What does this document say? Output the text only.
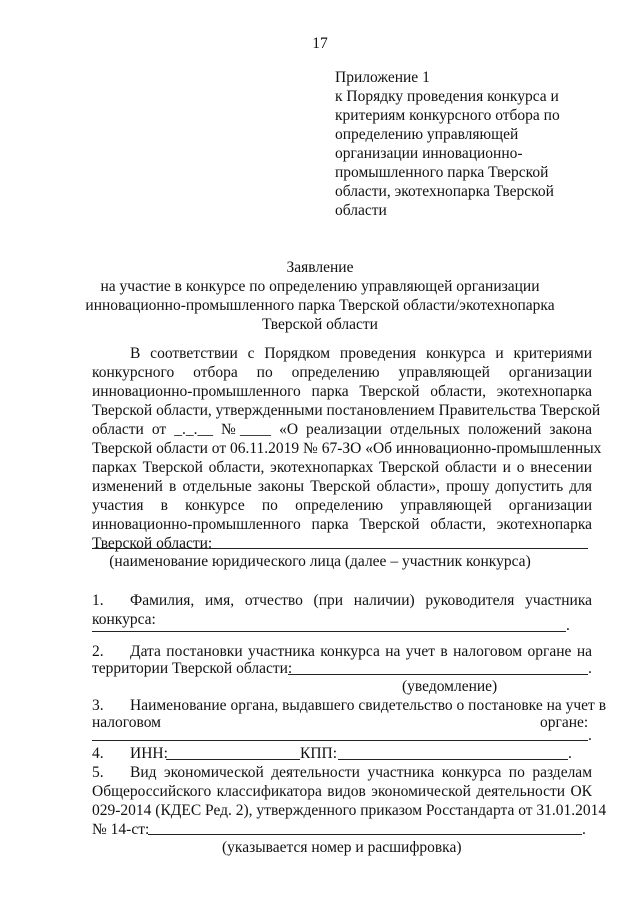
17
Приложение 1
к Порядку проведения конкурса и
критериям конкурсного отбора по
определению управляющей
организации инновационно-
промышленного парка Тверской
области, экотехнопарка Тверской
области
Заявление
на участие в конкурсе по определению управляющей организации
инновационно-промышленного парка Тверской области/экотехнопарка
Тверской области
В соответствии с Порядком проведения конкурса и критериями
конкурсного отбора по определению управляющей организации
инновационно-промышленного парка Тверской области, экотехнопарка
Тверской области, утвержденными постановлением Правительства Тверской
области от _._.__ №____ «О реализации отдельных положений закона
Тверской области от 06.11.2019 № 67-ЗО «Об инновационно-промышленных
парках Тверской области, экотехнопарках Тверской области и о внесении
изменений в отдельные законы Тверской области», прошу допустить для
участия в конкурсе по определению управляющей организации
инновационно-промышленного парка Тверской области, экотехнопарка
Тверской области:
(наименование юридического лица (далее – участник конкурса)
1. Фамилия, имя, отчество (при наличии) руководителя участника
конкурса:	.
2. Дата постановки участника конкурса на учет в налоговом органе на
территории Тверской области:	.
(уведомление)
3. Наименование органа, выдавшего свидетельство о постановке на учет в
налоговом	органе:
.
4. ИНН:	КПП:	.
5. Вид экономической деятельности участника конкурса по разделам
Общероссийского классификатора видов экономической деятельности ОК
029-2014 (КДЕС Ред. 2), утвержденного приказом Росстандарта от 31.01.2014
№ 14-ст:	.
(указывается номер и расшифровка)
